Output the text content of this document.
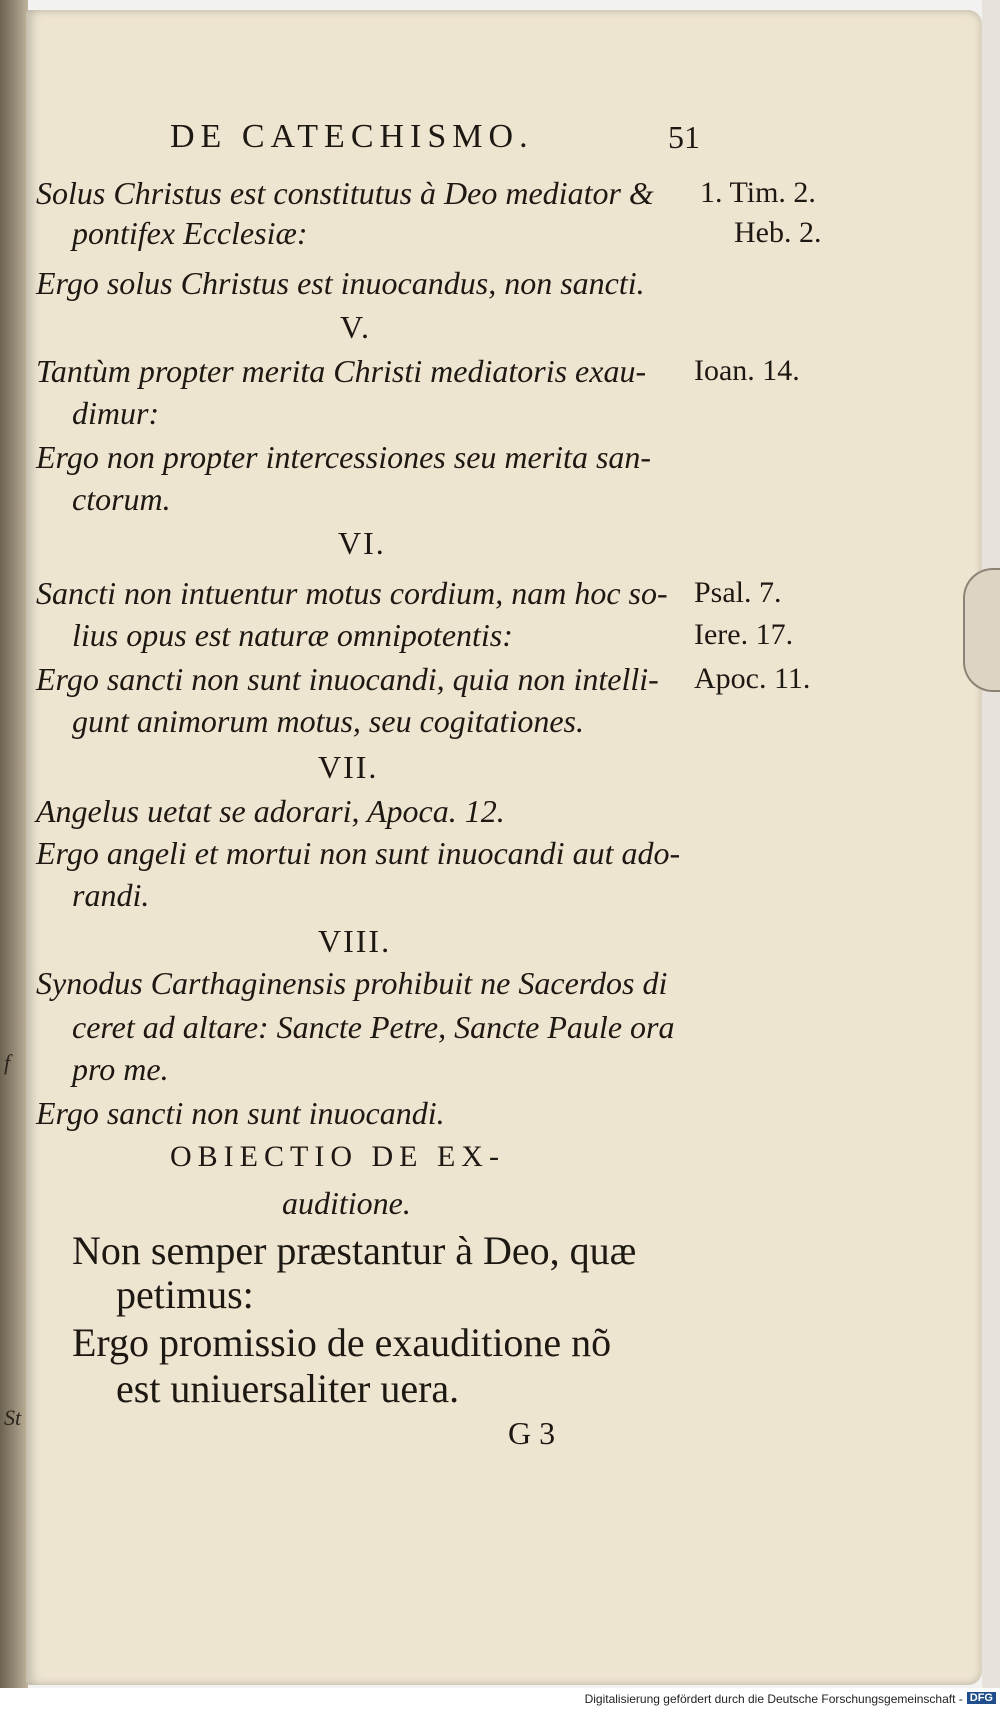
f
St
DE CATECHISMO.	51
Solus Christus est constitutus à Deo mediator &
pontifex Ecclesiæ:
Ergo solus Christus est inuocandus, non sancti.
V.
Tantùm propter merita Christi mediatoris exau-
dimur:
Ergo non propter intercessiones seu merita san-
ctorum.
VI.
Sancti non intuentur motus cordium, nam hoc so-
lius opus est naturæ omnipotentis:
Ergo sancti non sunt inuocandi, quia non intelli-
gunt animorum motus, seu cogitationes.
VII.
Angelus uetat se adorari, Apoca. 12.
Ergo angeli et mortui non sunt inuocandi aut ado-
randi.
VIII.
Synodus Carthaginensis prohibuit ne Sacerdos di
ceret ad altare: Sancte Petre, Sancte Paule ora
pro me.
Ergo sancti non sunt inuocandi.
OBIECTIO DE EX-
auditione.
Non semper præstantur à Deo, quæ
petimus:
Ergo promissio de exauditione nõ
est uniuersaliter uera.
1. Tim. 2.
Heb. 2.
Ioan. 14.
Psal. 7.
Iere. 17.
Apoc. 11.
G 3
Digitalisierung gefördert durch die Deutsche Forschungsgemeinschaft - DFG
